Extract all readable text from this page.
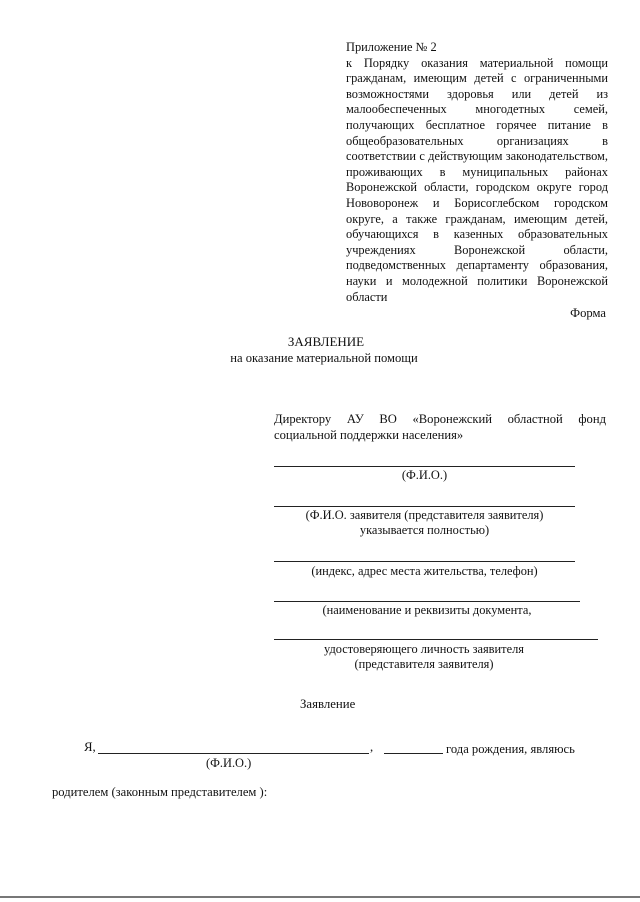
Приложение № 2

к Порядку оказания материальной помощи гражданам, имеющим детей с ограниченными возможностями здоровья или детей из малообеспеченных многодетных семей, получающих бесплатное горячее питание в общеобразовательных организациях в соответствии с действующим законодательством, проживающих в муниципальных районах Воронежской области, городском округе город Нововоронеж и Борисоглебском городском округе, а также гражданам, имеющим детей, обучающихся в казенных образовательных учреждениях Воронежской области, подведомственных департаменту образования, науки и молодежной политики Воронежской области

Форма
ЗАЯВЛЕНИЕ
на оказание материальной помощи
Директору АУ ВО «Воронежский областной фонд социальной поддержки населения»
(Ф.И.О.)
(Ф.И.О. заявителя (представителя заявителя)
указывается полностью)
(индекс, адрес места жительства, телефон)
(наименование и реквизиты документа,
удостоверяющего личность заявителя
(представителя заявителя)
Заявление
Я,	,	года рождения, являюсь
(Ф.И.О.)
родителем (законным представителем ):
